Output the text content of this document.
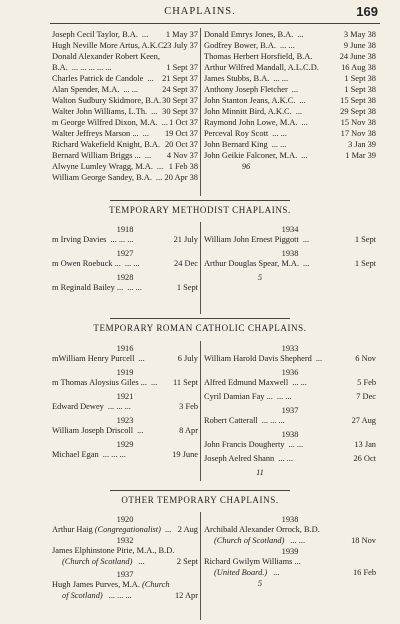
CHAPLAINS.	169
Joseph Cecil Taylor, B.A. ... 1 May 37
Hugh Neville More Artus, A.K.C.
23 July 37
Donald Alexander Robert Keen,
B.A. ... ... ... ... ...	1 Sept 37
Charles Patrick de Candole ... 21 Sept 37
Alan Spender, M.A. ... ...	24 Sept 37
Walton Sudbury Skidmore, B.A. 30 Sept 37
Walter John Williams, L.Th. ... 30 Sept 37
m George Wilfred Dixon, M.A. ... 1 Oct 37
Walter Jeffreys Marson ... ... 19 Oct 37
Richard Wakefield Knight, B.A. 20 Oct 37
Bernard William Briggs ... ... 4 Nov 37
Alwyne Lumley Wragg, M.A. ... 1 Feb 38
William George Sandey, B.A. ... 20 Apr 38
Donald Emrys Jones, B.A. ...	3 May 38
Godfrey Bower, B.A. ... ...	9 June 38
Thomas Herbert Horsfield, B.A.	24 June 38
Arthur Wilfred Mandall, A.L.C.D.	16 Aug 38
James Stubbs, B.A. ... ...	1 Sept 38
Anthony Joseph Fletcher ...	1 Sept 38
John Stanton Jeans, A.K.C. ...	15 Sept 38
John Minnitt Bird, A.K.C. ...	29 Sept 38
Raymond John Lowe, M.A. ...	15 Nov 38
Perceval Roy Scott ... ...	17 Nov 38
John Bernard King ... ...	3 Jan 39
John Geikie Falconer, M.A. ...	1 Mar 39
96
TEMPORARY METHODIST CHAPLAINS.
1918
m Irving Davies ... ... ...	21 July
1927
m Owen Roebuck ... ... ...	24 Dec
1928
m Reginald Bailey ... ... ...	1 Sept
1934
William John Ernest Piggott ...	1 Sept
1938
Arthur Douglas Spear, M.A. ...	1 Sept
5
TEMPORARY ROMAN CATHOLIC CHAPLAINS.
1916
mWilliam Henry Purcell ...	6 July
1919
m Thomas Aloysius Giles ... ... 11 Sept
1921
Edward Dewey ... ... ...	3 Feb
1923
William Joseph Driscoll ...	8 Apr
1929
Michael Egan ... ... ...	19 June
1933
William Harold Davis Shepherd ...	6 Nov
1936
Alfred Edmund Maxwell ... ...	5 Feb
Cyril Damian Fay ... ... ...	7 Dec
1937
Robert Catterall ... ... ...	27 Aug
1938
John Francis Dougherty ... ...	13 Jan
Joseph Aelred Shann ... ...	26 Oct
11
OTHER TEMPORARY CHAPLAINS.
1920
Arthur Haig (Congregationalist) ... 2 Aug
1932
James Elphinstone Pirie, M.A., B.D.
(Church of Scotland) ...	2 Sept
1937
Hugh James Purves, M.A. (Church
of Scotland) ... ... ...	12 Apr
1938
Archibald Alexander Orrock, B.D.
(Church of Scotland) ... ...	18 Nov
1939
Richard Gwilym Williams ...
(United Board.) ...	16 Feb
5
